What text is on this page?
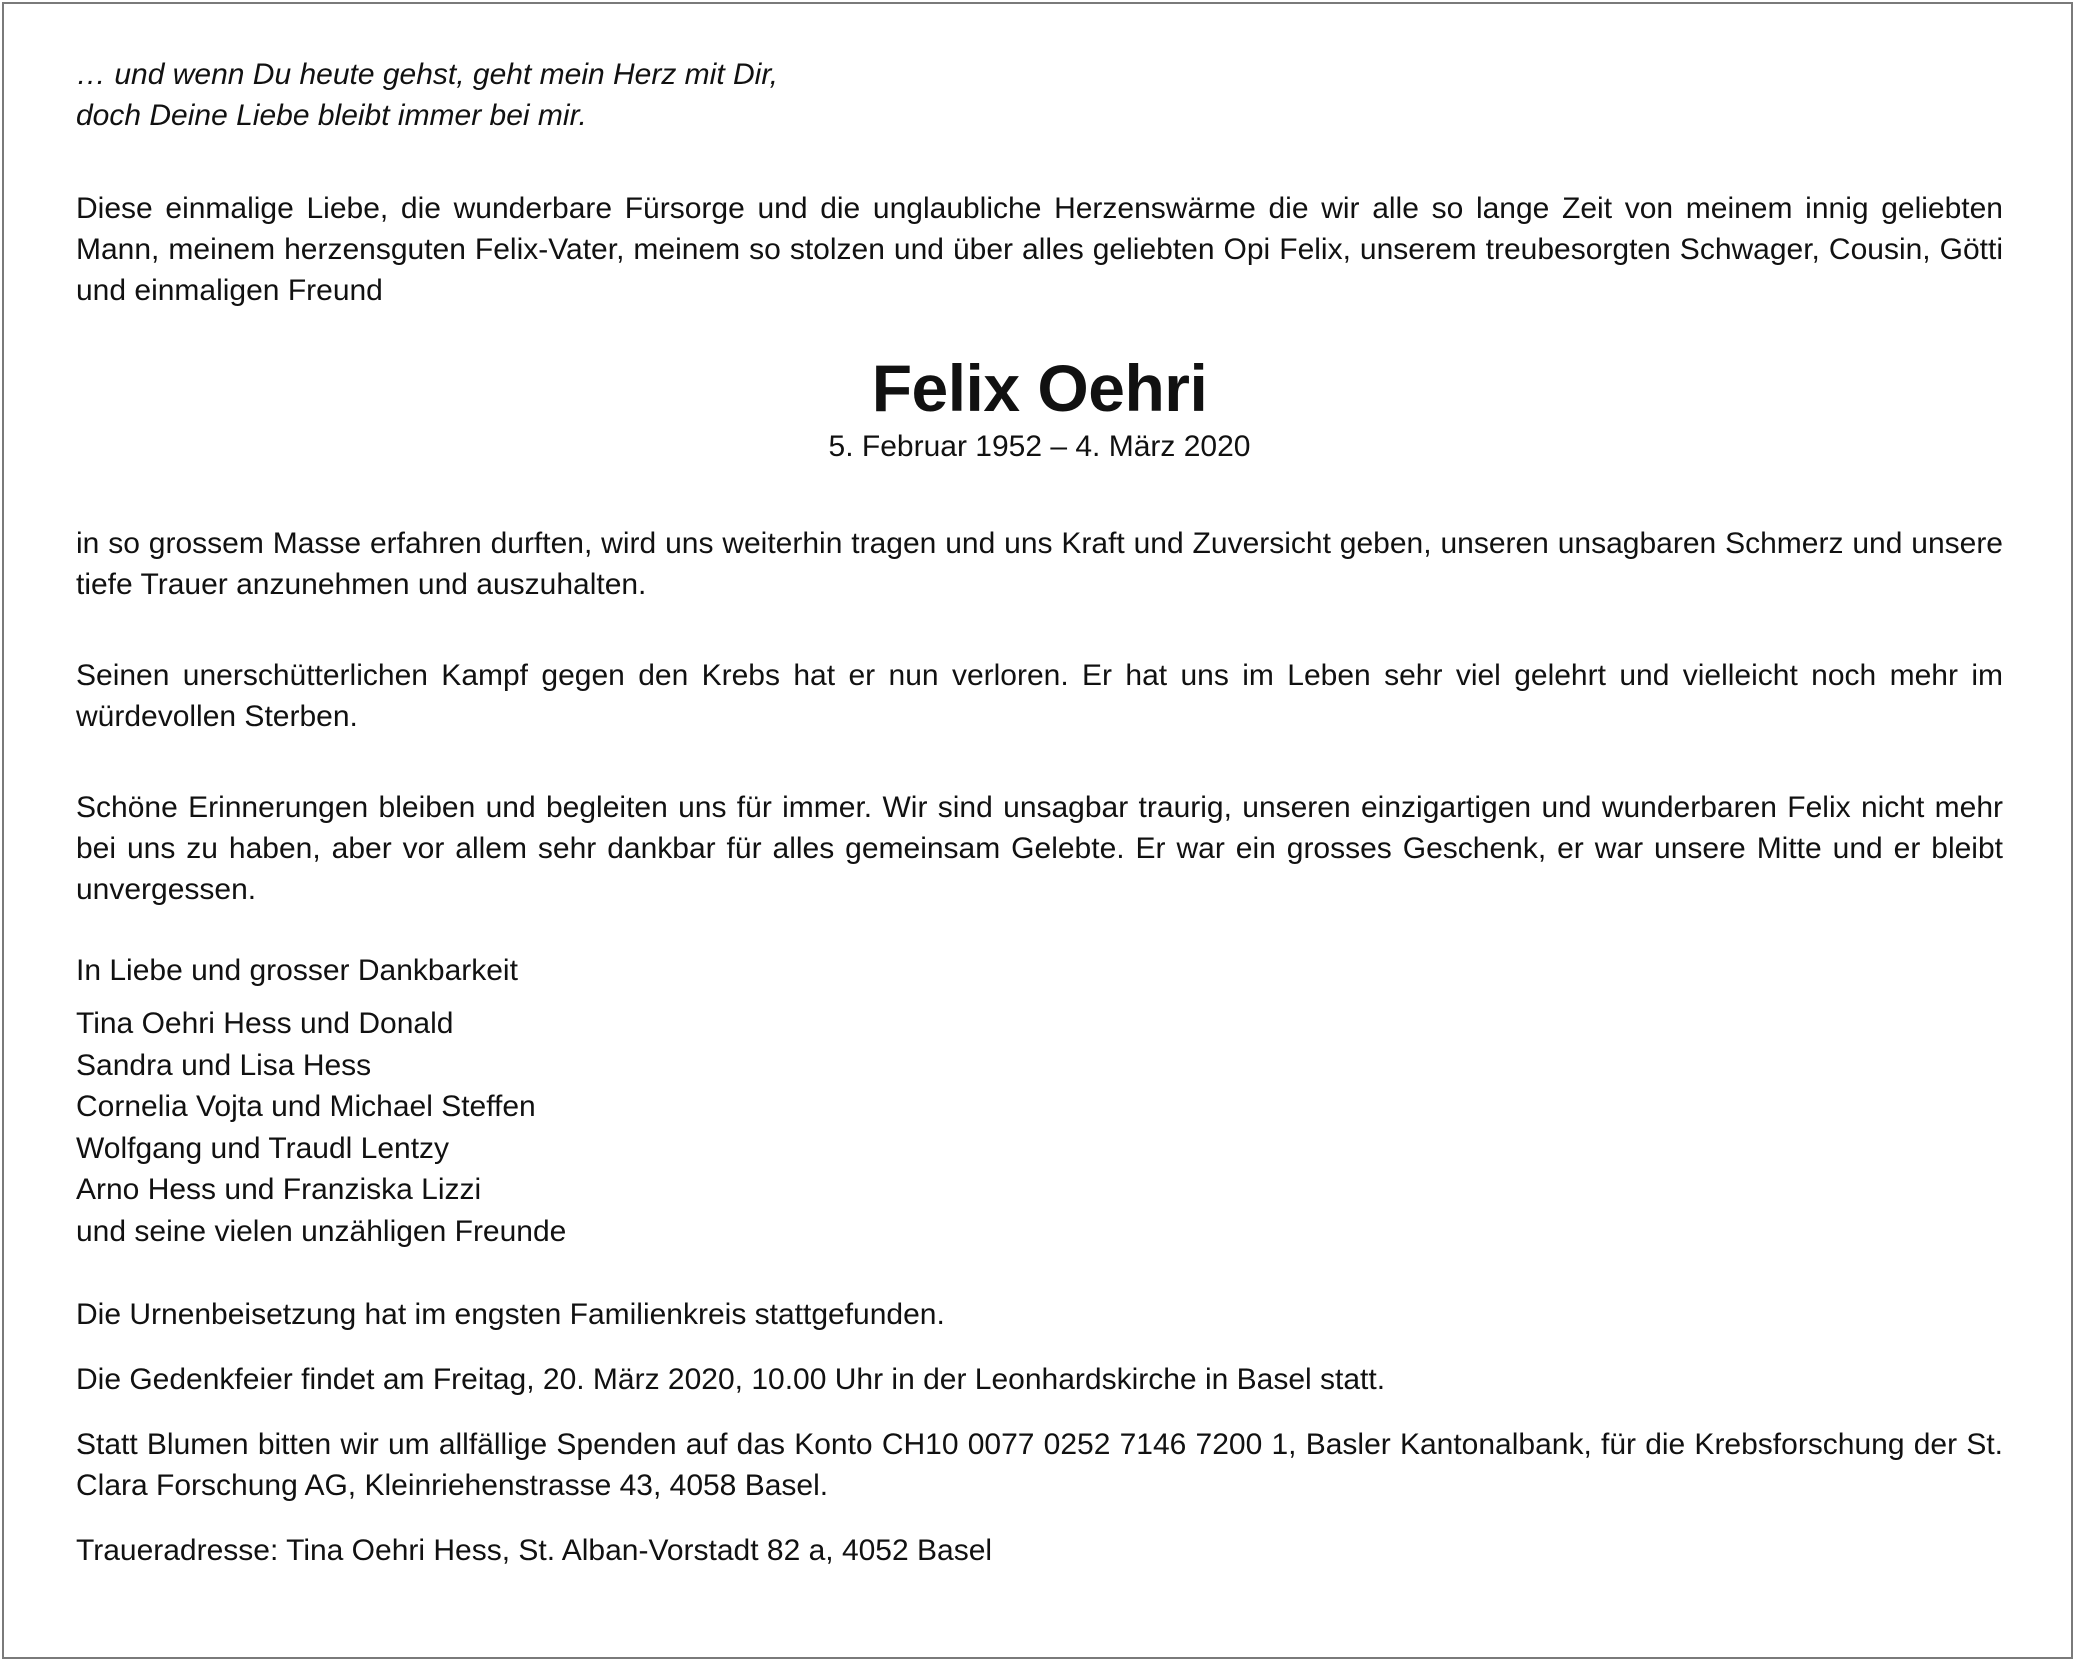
… und wenn Du heute gehst, geht mein Herz mit Dir,
doch Deine Liebe bleibt immer bei mir.

Diese einmalige Liebe, die wunderbare Fürsorge und die unglaubliche Herzenswärme die wir alle so lange Zeit von meinem innig geliebten Mann, meinem herzensguten Felix-Vater, meinem so stolzen und über alles geliebten Opi Felix, unserem treubesorgten Schwager, Cousin, Götti und einmaligen Freund

Felix Oehri

5. Februar 1952 – 4. März 2020

in so grossem Masse erfahren durften, wird uns weiterhin tragen und uns Kraft und Zuversicht geben, unseren unsagbaren Schmerz und unsere tiefe Trauer anzunehmen und auszuhalten.

Seinen unerschütterlichen Kampf gegen den Krebs hat er nun verloren. Er hat uns im Leben sehr viel gelehrt und vielleicht noch mehr im würdevollen Sterben.

Schöne Erinnerungen bleiben und begleiten uns für immer. Wir sind unsagbar traurig, unseren einzigartigen und wunderbaren Felix nicht mehr bei uns zu haben, aber vor allem sehr dankbar für alles gemeinsam Gelebte. Er war ein grosses Geschenk, er war unsere Mitte und er bleibt unvergessen.

In Liebe und grosser Dankbarkeit

Tina Oehri Hess und Donald
Sandra und Lisa Hess
Cornelia Vojta und Michael Steffen
Wolfgang und Traudl Lentzy
Arno Hess und Franziska Lizzi
und seine vielen unzähligen Freunde

Die Urnenbeisetzung hat im engsten Familienkreis stattgefunden.

Die Gedenkfeier findet am Freitag, 20. März 2020, 10.00 Uhr in der Leonhardskirche in Basel statt.

Statt Blumen bitten wir um allfällige Spenden auf das Konto CH10 0077 0252 7146 7200 1, Basler Kantonalbank, für die Krebsforschung der St. Clara Forschung AG, Kleinriehenstrasse 43, 4058 Basel.

Traueradresse: Tina Oehri Hess, St. Alban-Vorstadt 82 a, 4052 Basel
